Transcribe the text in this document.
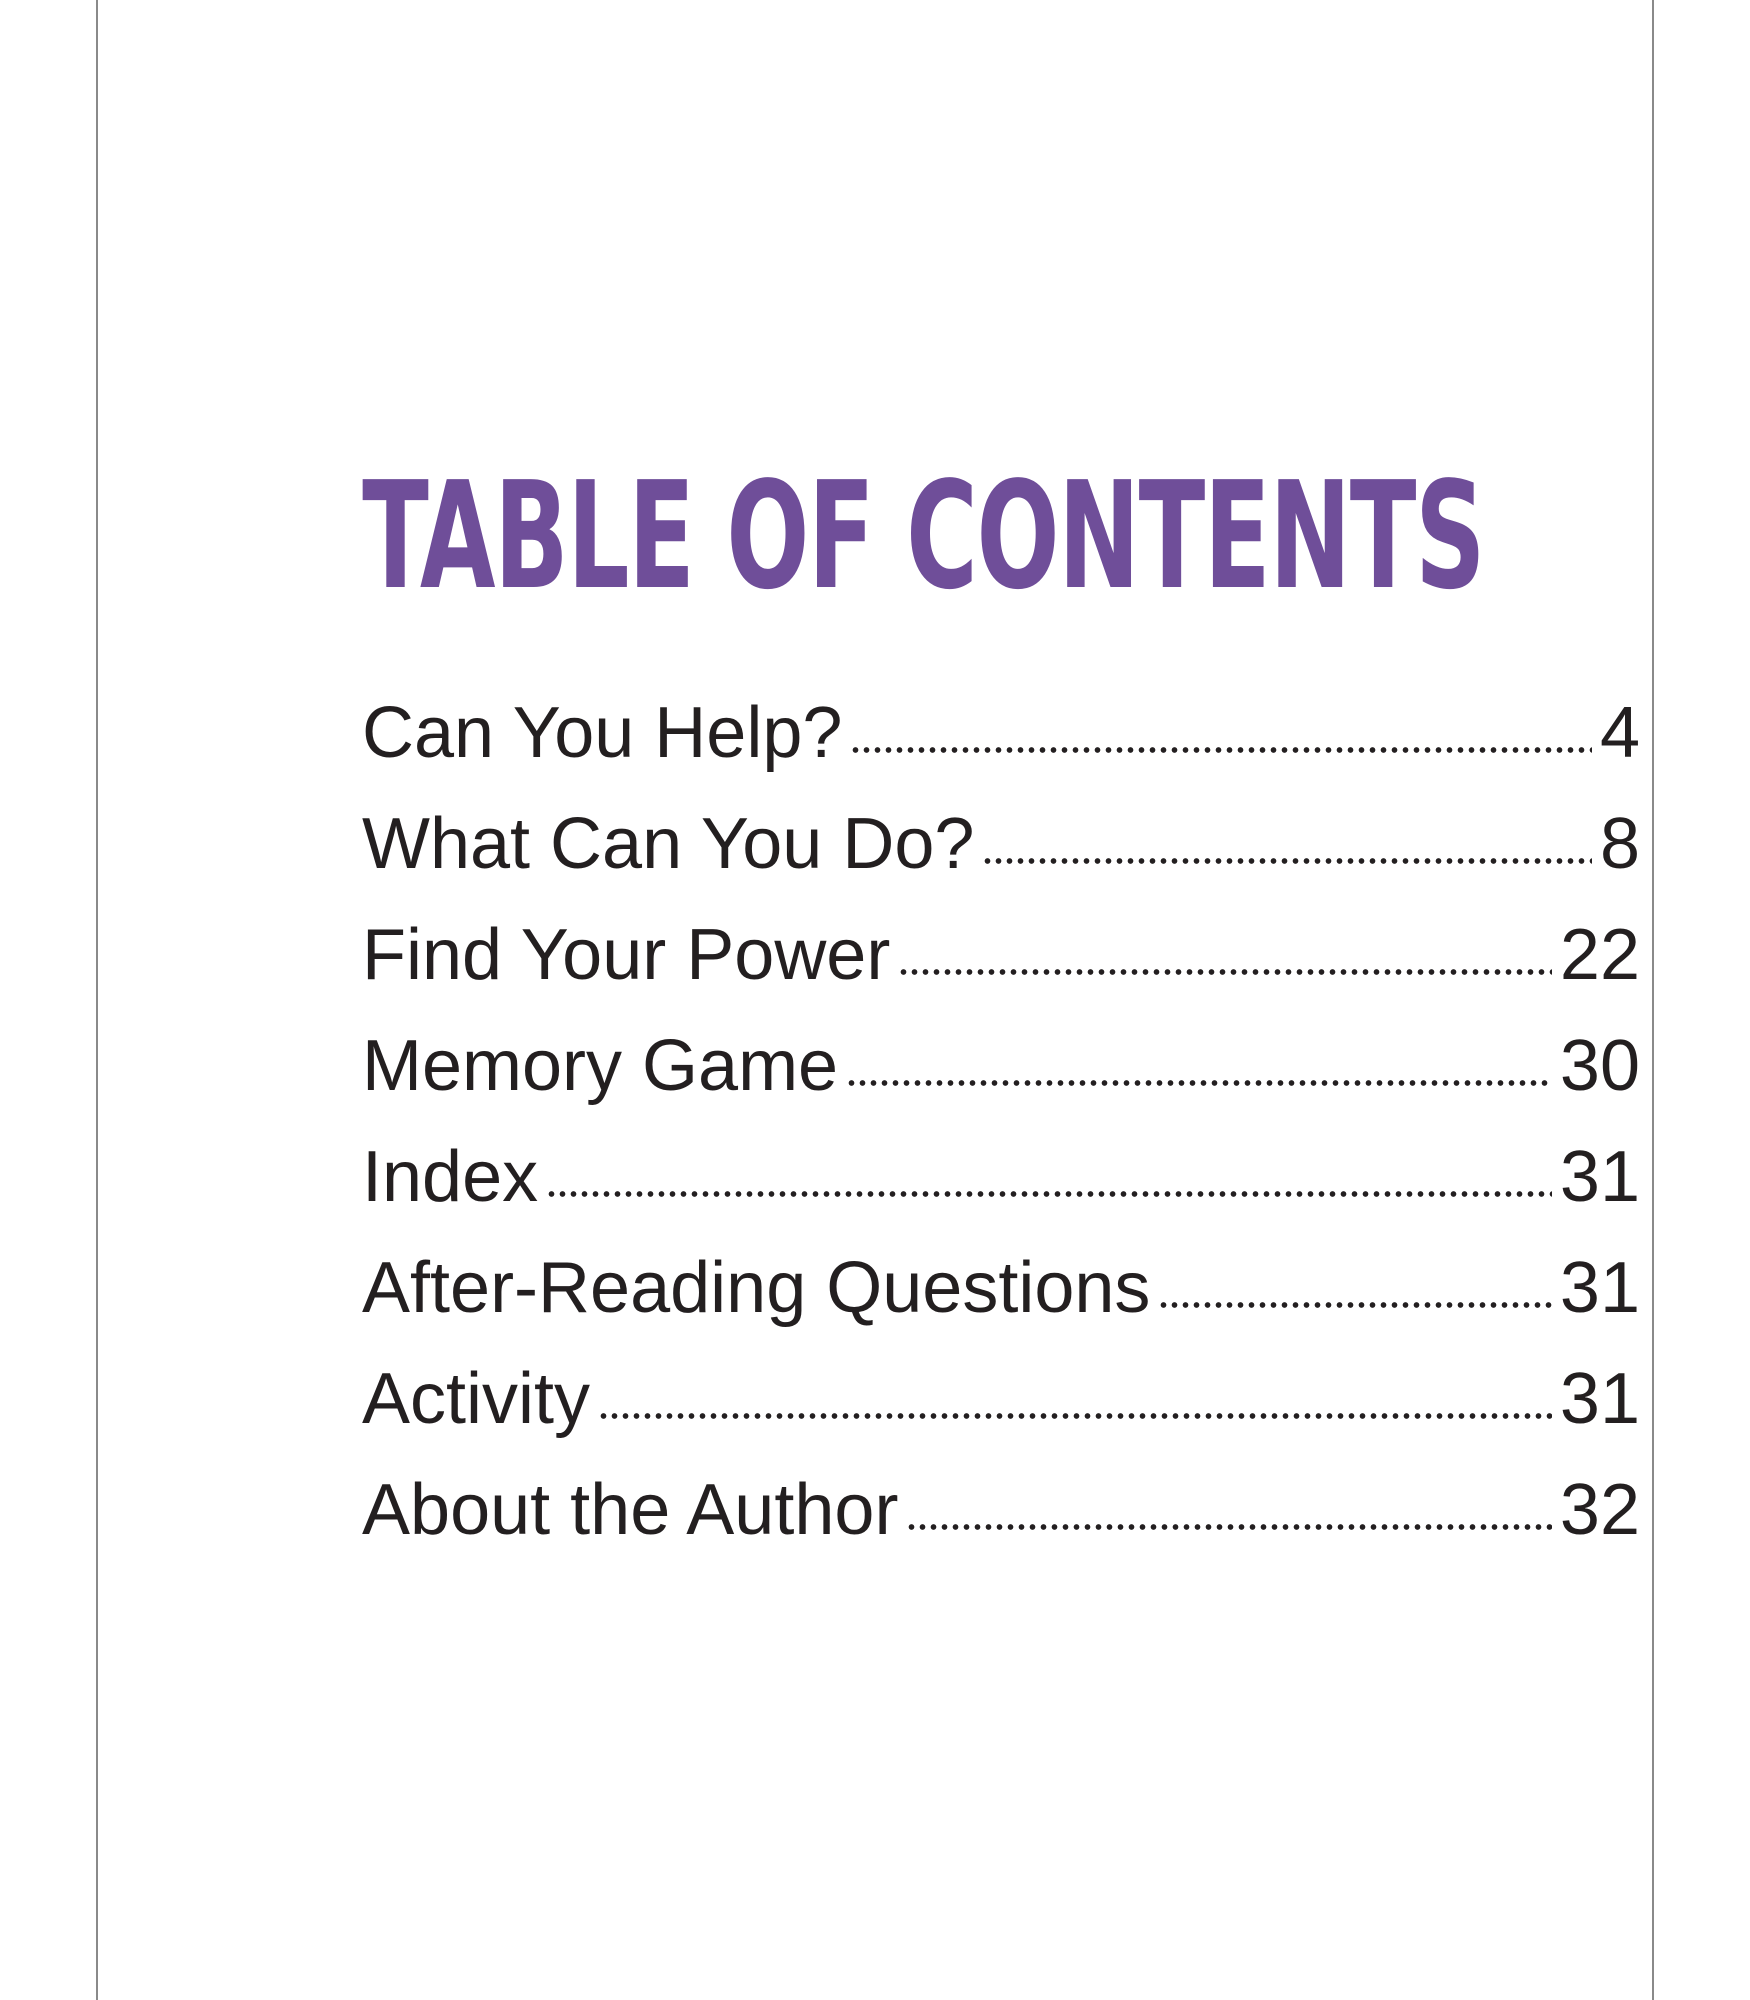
TABLE OF CONTENTS
Can You Help?	4
What Can You Do?	8
Find Your Power	22
Memory Game	30
Index	31
After-Reading Questions	31
Activity	31
About the Author	32
